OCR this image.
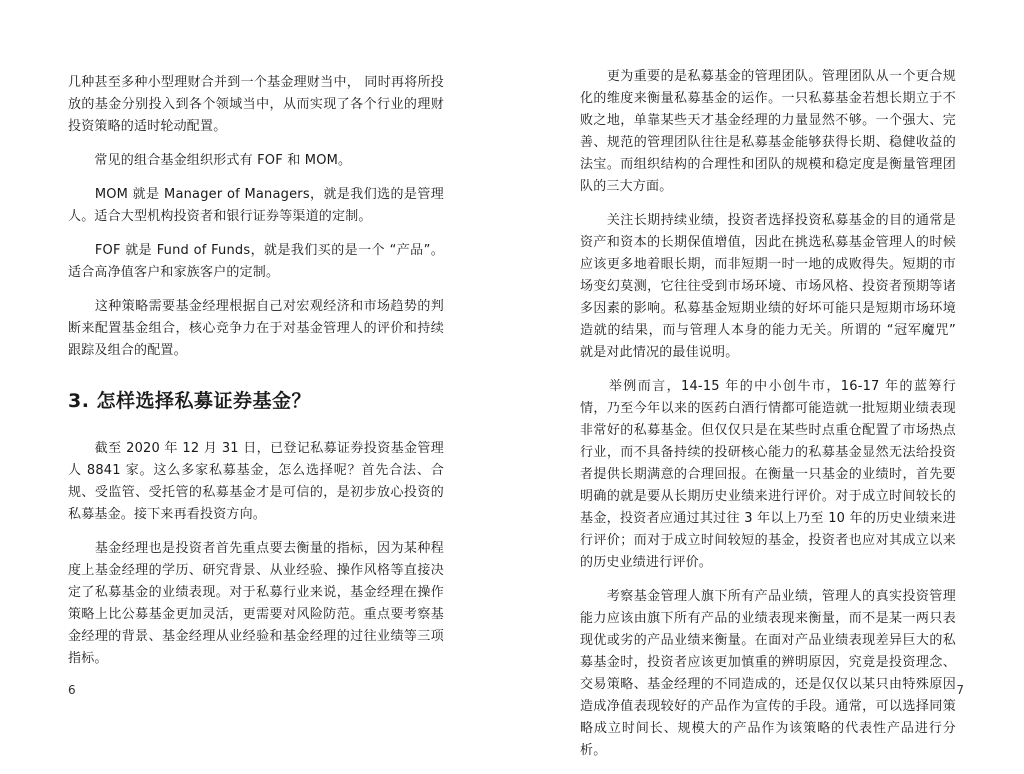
几种甚至多种小型理财合并到一个基金理财当中， 同时再将所投放的基金分别投入到各个领域当中，从而实现了各个行业的理财投资策略的适时轮动配置。

　　常见的组合基金组织形式有 FOF 和 MOM。

　　MOM 就是 Manager of Managers，就是我们选的是管理人。适合大型机构投资者和银行证券等渠道的定制。

　　FOF 就是 Fund of Funds，就是我们买的是一个 “产品”。适合高净值客户和家族客户的定制。

　　这种策略需要基金经理根据自己对宏观经济和市场趋势的判断来配置基金组合，核心竞争力在于对基金管理人的评价和持续跟踪及组合的配置。

3. 怎样选择私募证券基金？

　　截至 2020 年 12 月 31 日，已登记私募证券投资基金管理人 8841 家。这么多家私募基金，怎么选择呢？首先合法、合规、受监管、受托管的私募基金才是可信的，是初步放心投资的私募基金。接下来再看投资方向。

　　基金经理也是投资者首先重点要去衡量的指标，因为某种程度上基金经理的学历、研究背景、从业经验、操作风格等直接决定了私募基金的业绩表现。对于私募行业来说，基金经理在操作策略上比公募基金更加灵活，更需要对风险防范。重点要考察基金经理的背景、基金经理从业经验和基金经理的过往业绩等三项指标。

6

　　更为重要的是私募基金的管理团队。管理团队从一个更合规化的维度来衡量私募基金的运作。一只私募基金若想长期立于不败之地，单靠某些天才基金经理的力量显然不够。一个强大、完善、规范的管理团队往往是私募基金能够获得长期、稳健收益的法宝。而组织结构的合理性和团队的规模和稳定度是衡量管理团队的三大方面。

　　关注长期持续业绩，投资者选择投资私募基金的目的通常是资产和资本的长期保值增值，因此在挑选私募基金管理人的时候应该更多地着眼长期，而非短期一时一地的成败得失。短期的市场变幻莫测，它往往受到市场环境、市场风格、投资者预期等诸多因素的影响。私募基金短期业绩的好坏可能只是短期市场环境造就的结果，而与管理人本身的能力无关。所谓的 “冠军魔咒” 就是对此情况的最佳说明。

　　举例而言，14-15 年的中小创牛市，16-17 年的蓝筹行情，乃至今年以来的医药白酒行情都可能造就一批短期业绩表现非常好的私募基金。但仅仅只是在某些时点重仓配置了市场热点行业，而不具备持续的投研核心能力的私募基金显然无法给投资者提供长期满意的合理回报。在衡量一只基金的业绩时，首先要明确的就是要从长期历史业绩来进行评价。对于成立时间较长的基金，投资者应通过其过往 3 年以上乃至 10 年的历史业绩来进行评价；而对于成立时间较短的基金，投资者也应对其成立以来的历史业绩进行评价。

　　考察基金管理人旗下所有产品业绩，管理人的真实投资管理能力应该由旗下所有产品的业绩表现来衡量，而不是某一两只表现优或劣的产品业绩来衡量。在面对产品业绩表现差异巨大的私募基金时，投资者应该更加慎重的辨明原因，究竟是投资理念、交易策略、基金经理的不同造成的，还是仅仅以某只由特殊原因造成净值表现较好的产品作为宣传的手段。通常，可以选择同策略成立时间长、规模大的产品作为该策略的代表性产品进行分析。

7
